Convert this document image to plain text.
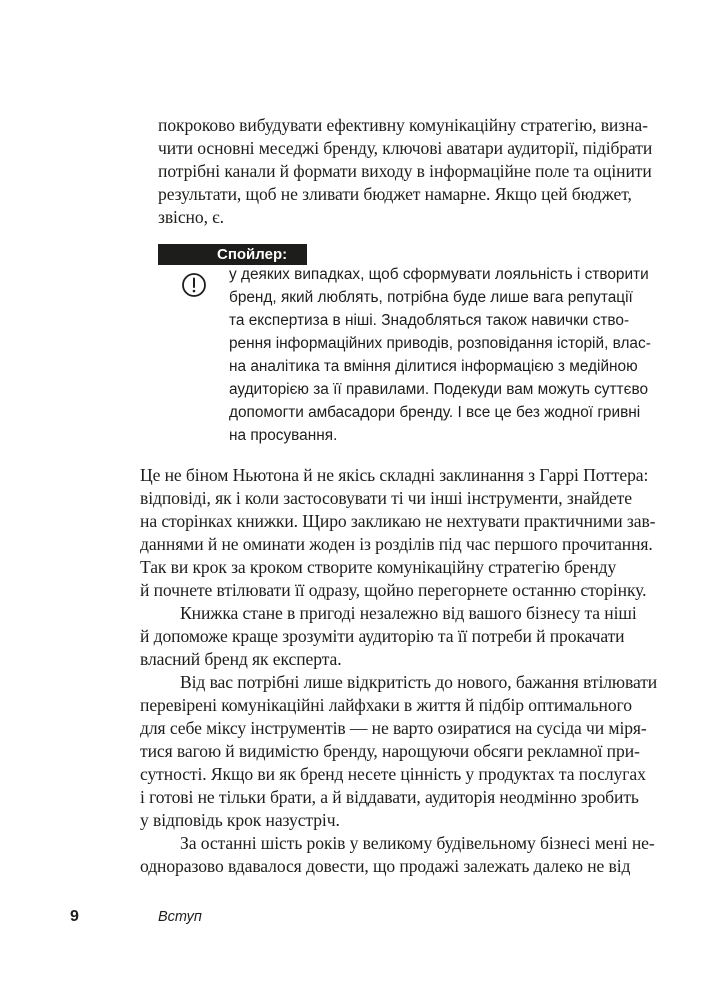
покроково вибудувати ефективну комунікаційну стратегію, визна-
чити основні меседжі бренду, ключові аватари аудиторії, підібрати
потрібні канали й формати виходу в інформаційне поле та оцінити
результати, щоб не зливати бюджет намарне. Якщо цей бюджет,
звісно, є.
Спойлер:
у деяких випадках, щоб сформувати лояльність і створити
бренд, який люблять, потрібна буде лише вага репутації
та експертиза в ніші. Знадобляться також навички ство-
рення інформаційних приводів, розповідання історій, влас-
на аналітика та вміння ділитися інформацією з медійною
аудиторією за її правилами. Подекуди вам можуть суттєво
допомогти амбасадори бренду. І все це без жодної гривні
на просування.
Це не біном Ньютона й не якісь складні заклинання з Гаррі Поттера:
відповіді, як і коли застосовувати ті чи інші інструменти, знайдете
на сторінках книжки. Щиро закликаю не нехтувати практичними зав-
даннями й не оминати жоден із розділів під час першого прочитання.
Так ви крок за кроком створите комунікаційну стратегію бренду
й почнете втілювати її одразу, щойно перегорнете останню сторінку.
Книжка стане в пригоді незалежно від вашого бізнесу та ніші
й допоможе краще зрозуміти аудиторію та її потреби й прокачати
власний бренд як експерта.
Від вас потрібні лише відкритість до нового, бажання втілювати
перевірені комунікаційні лайфхаки в життя й підбір оптимального
для себе міксу інструментів — не варто озиратися на сусіда чи міря-
тися вагою й видимістю бренду, нарощуючи обсяги рекламної при-
сутності. Якщо ви як бренд несете цінність у продуктах та послугах
і готові не тільки брати, а й віддавати, аудиторія неодмінно зробить
у відповідь крок назустріч.
За останні шість років у великому будівельному бізнесі мені не-
одноразово вдавалося довести, що продажі залежать далеко не від
9	Вступ
